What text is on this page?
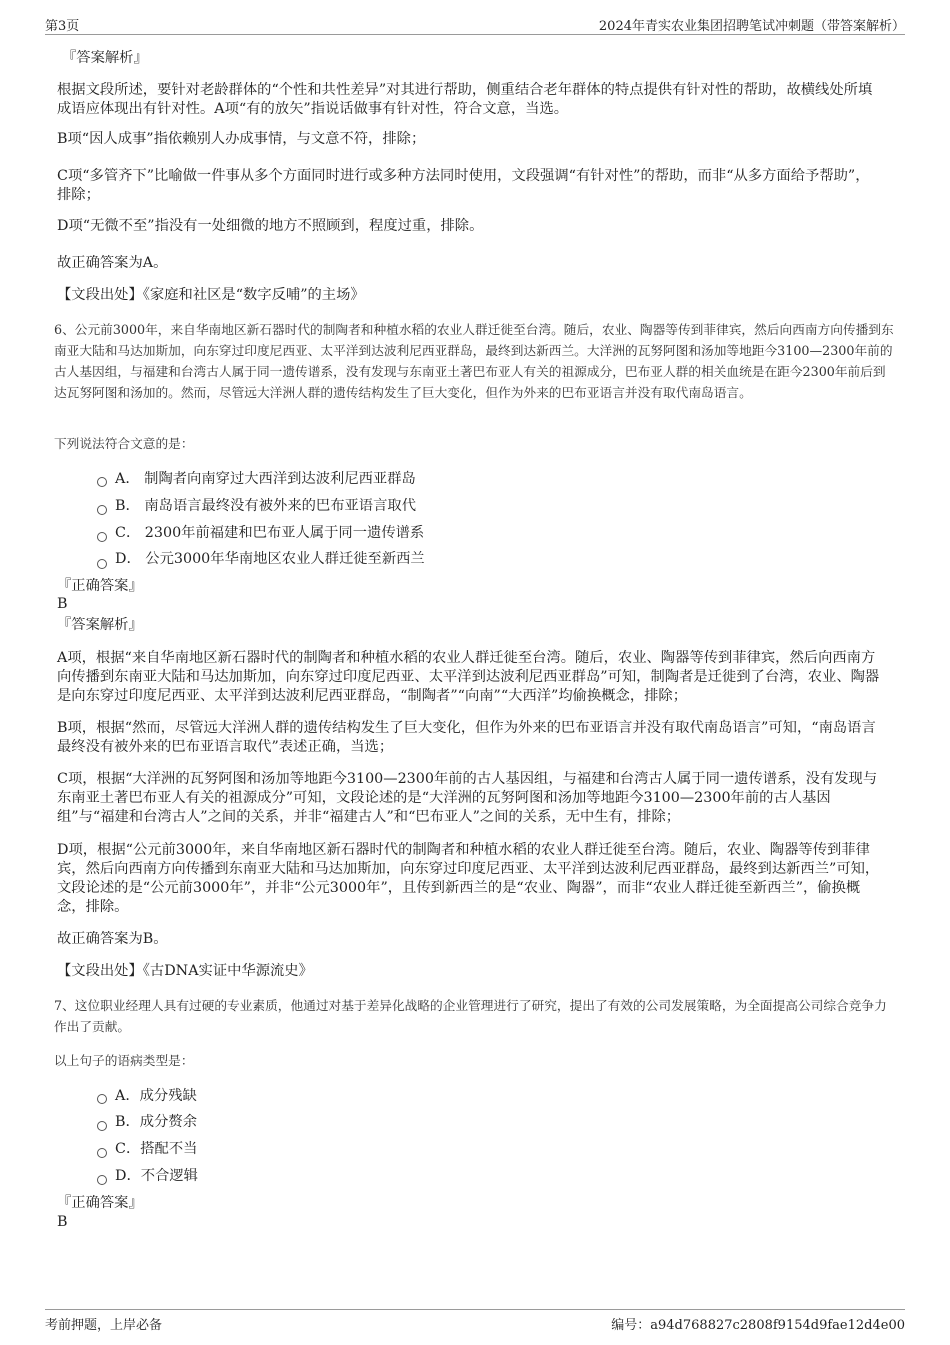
第3页	2024年青实农业集团招聘笔试冲刺题（带答案解析）
『答案解析』
根据文段所述，要针对老龄群体的“个性和共性差异”对其进行帮助，侧重结合老年群体的特点提供有针对性的帮助，故横线处所填成语应体现出有针对性。A项“有的放矢”指说话做事有针对性，符合文意，当选。
B项“因人成事”指依赖别人办成事情，与文意不符，排除；
C项“多管齐下”比喻做一件事从多个方面同时进行或多种方法同时使用，文段强调“有针对性”的帮助，而非“从多方面给予帮助”，排除；
D项“无微不至”指没有一处细微的地方不照顾到，程度过重，排除。
故正确答案为A。
【文段出处】《家庭和社区是“数字反哺”的主场》
6、公元前3000年，来自华南地区新石器时代的制陶者和种植水稻的农业人群迁徙至台湾。随后，农业、陶器等传到菲律宾，然后向西南方向传播到东南亚大陆和马达加斯加，向东穿过印度尼西亚、太平洋到达波利尼西亚群岛，最终到达新西兰。大洋洲的瓦努阿图和汤加等地距今3100—2300年前的古人基因组，与福建和台湾古人属于同一遗传谱系，没有发现与东南亚土著巴布亚人有关的祖源成分，巴布亚人群的相关血统是在距今2300年前后到达瓦努阿图和汤加的。然而，尽管远大洋洲人群的遗传结构发生了巨大变化，但作为外来的巴布亚语言并没有取代南岛语言。
下列说法符合文意的是：
A． 制陶者向南穿过大西洋到达波利尼西亚群岛
B． 南岛语言最终没有被外来的巴布亚语言取代
C． 2300年前福建和巴布亚人属于同一遗传谱系
D． 公元3000年华南地区农业人群迁徙至新西兰
『正确答案』
B
『答案解析』
A项，根据“来自华南地区新石器时代的制陶者和种植水稻的农业人群迁徙至台湾。随后，农业、陶器等传到菲律宾，然后向西南方向传播到东南亚大陆和马达加斯加，向东穿过印度尼西亚、太平洋到达波利尼西亚群岛”可知，制陶者是迁徙到了台湾，农业、陶器是向东穿过印度尼西亚、太平洋到达波利尼西亚群岛，“制陶者”“向南”“大西洋”均偷换概念，排除；
B项，根据“然而，尽管远大洋洲人群的遗传结构发生了巨大变化，但作为外来的巴布亚语言并没有取代南岛语言”可知，“南岛语言最终没有被外来的巴布亚语言取代”表述正确，当选；
C项，根据“大洋洲的瓦努阿图和汤加等地距今3100—2300年前的古人基因组，与福建和台湾古人属于同一遗传谱系，没有发现与东南亚土著巴布亚人有关的祖源成分”可知，文段论述的是“大洋洲的瓦努阿图和汤加等地距今3100—2300年前的古人基因组”与“福建和台湾古人”之间的关系，并非“福建古人”和“巴布亚人”之间的关系，无中生有，排除；
D项，根据“公元前3000年，来自华南地区新石器时代的制陶者和种植水稻的农业人群迁徙至台湾。随后，农业、陶器等传到菲律宾，然后向西南方向传播到东南亚大陆和马达加斯加，向东穿过印度尼西亚、太平洋到达波利尼西亚群岛，最终到达新西兰”可知，文段论述的是“公元前3000年”，并非“公元3000年”，且传到新西兰的是“农业、陶器”，而非“农业人群迁徙至新西兰”，偷换概念，排除。
故正确答案为B。
【文段出处】《古DNA实证中华源流史》
7、这位职业经理人具有过硬的专业素质，他通过对基于差异化战略的企业管理进行了研究，提出了有效的公司发展策略，为全面提高公司综合竞争力作出了贡献。
以上句子的语病类型是：
A．成分残缺
B．成分赘余
C．搭配不当
D．不合逻辑
『正确答案』
B
考前押题，上岸必备	编号：a94d768827c2808f9154d9fae12d4e00
